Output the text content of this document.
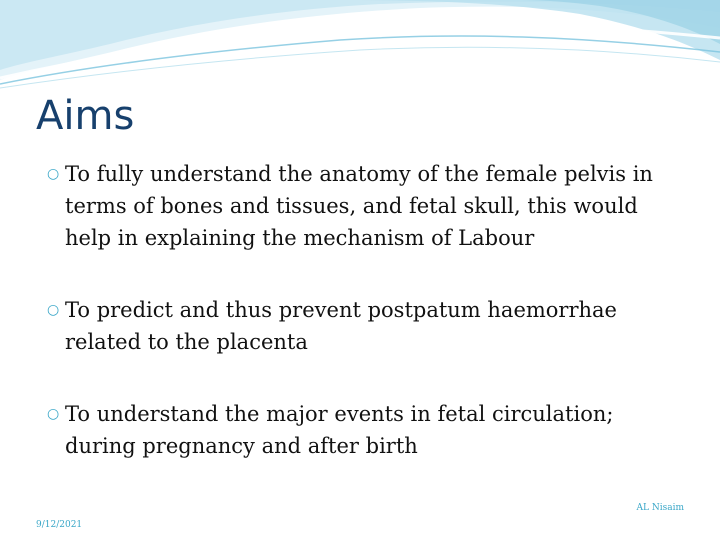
Aims
○ To fully understand the anatomy of the female pelvis in terms of bones and tissues, and fetal skull, this would help in explaining the mechanism of Labour
○ To predict and thus prevent postpatum haemorrhae related to the placenta
○ To understand the major events in fetal circulation; during pregnancy and after birth
AL Nisaim
9/12/2021
